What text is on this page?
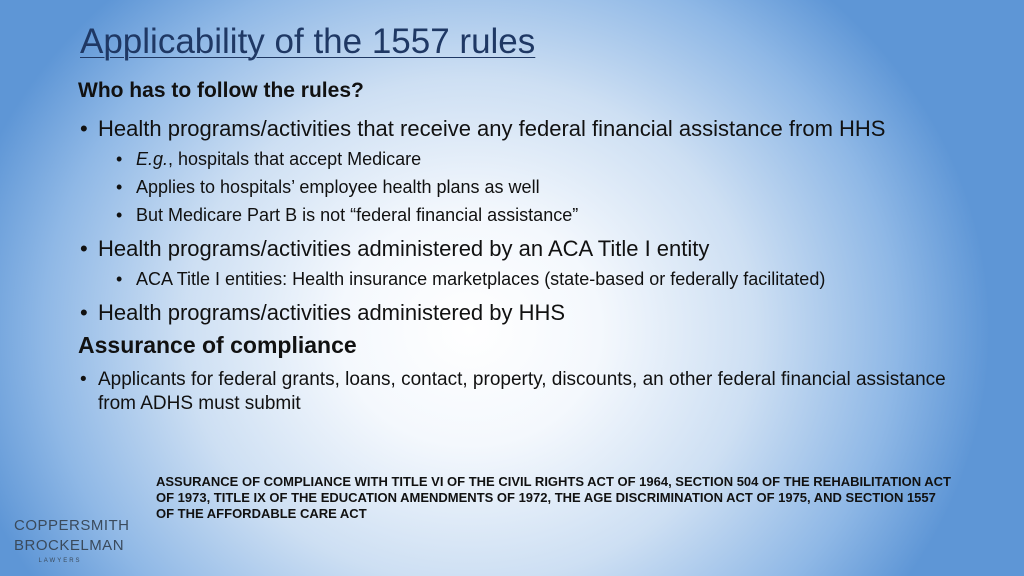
Applicability of the 1557 rules
Who has to follow the rules?
• Health programs/activities that receive any federal financial assistance from HHS
• E.g., hospitals that accept Medicare
• Applies to hospitals’ employee health plans as well
• But Medicare Part B is not “federal financial assistance”
• Health programs/activities administered by an ACA Title I entity
• ACA Title I entities: Health insurance marketplaces (state-based or federally facilitated)
• Health programs/activities administered by HHS
Assurance of compliance
• Applicants for federal grants, loans, contact, property, discounts, an other federal financial assistance from ADHS must submit
ASSURANCE OF COMPLIANCE WITH TITLE VI OF THE CIVIL RIGHTS ACT OF 1964, SECTION 504 OF THE REHABILITATION ACT OF 1973, TITLE IX OF THE EDUCATION AMENDMENTS OF 1972, THE AGE DISCRIMINATION ACT OF 1975, AND SECTION 1557 OF THE AFFORDABLE CARE ACT
COPPERSMITH
BROCKELMAN
LAWYERS
